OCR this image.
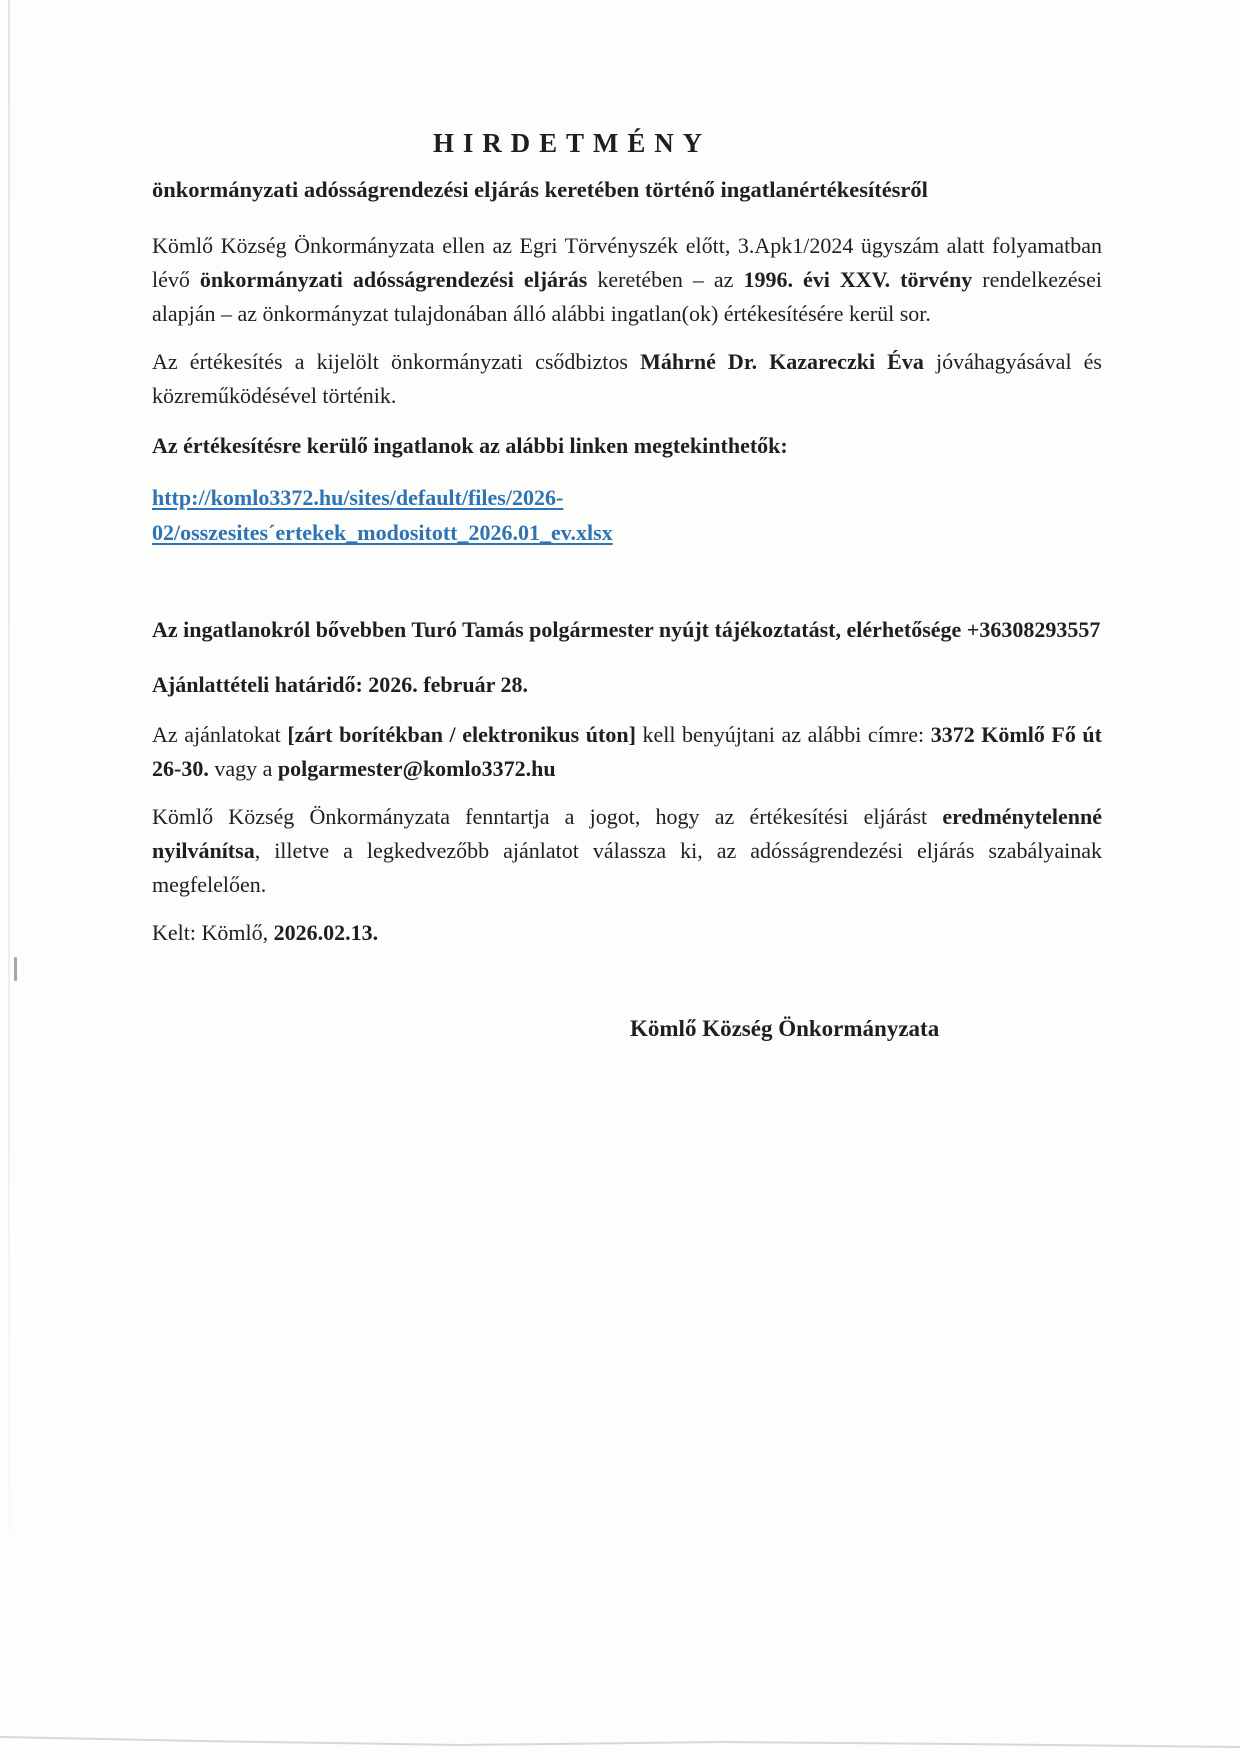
HIRDETMÉNY

önkormányzati adósságrendezési eljárás keretében történő ingatlanértékesítésről

Kömlő Község Önkormányzata ellen az Egri Törvényszék előtt, 3.Apk1/2024 ügyszám alatt folyamatban lévő önkormányzati adósságrendezési eljárás keretében – az 1996. évi XXV. törvény rendelkezései alapján – az önkormányzat tulajdonában álló alábbi ingatlan(ok) értékesítésére kerül sor.

Az értékesítés a kijelölt önkormányzati csődbiztos Máhrné Dr. Kazareczki Éva jóváhagyásával és közreműködésével történik.

Az értékesítésre kerülő ingatlanok az alábbi linken megtekinthetők:

http://komlo3372.hu/sites/default/files/2026-
02/osszesites´ertekek_modositott_2026.01_ev.xlsx

Az ingatlanokról bővebben Turó Tamás polgármester nyújt tájékoztatást, elérhetősége +36308293557

Ajánlattételi határidő: 2026. február 28.

Az ajánlatokat [zárt borítékban / elektronikus úton] kell benyújtani az alábbi címre: 3372 Kömlő Fő út 26-30. vagy a polgarmester@komlo3372.hu

Kömlő Község Önkormányzata fenntartja a jogot, hogy az értékesítési eljárást eredménytelenné nyilvánítsa, illetve a legkedvezőbb ajánlatot válassza ki, az adósságrendezési eljárás szabályainak megfelelően.

Kelt: Kömlő, 2026.02.13.

Kömlő Község Önkormányzata
